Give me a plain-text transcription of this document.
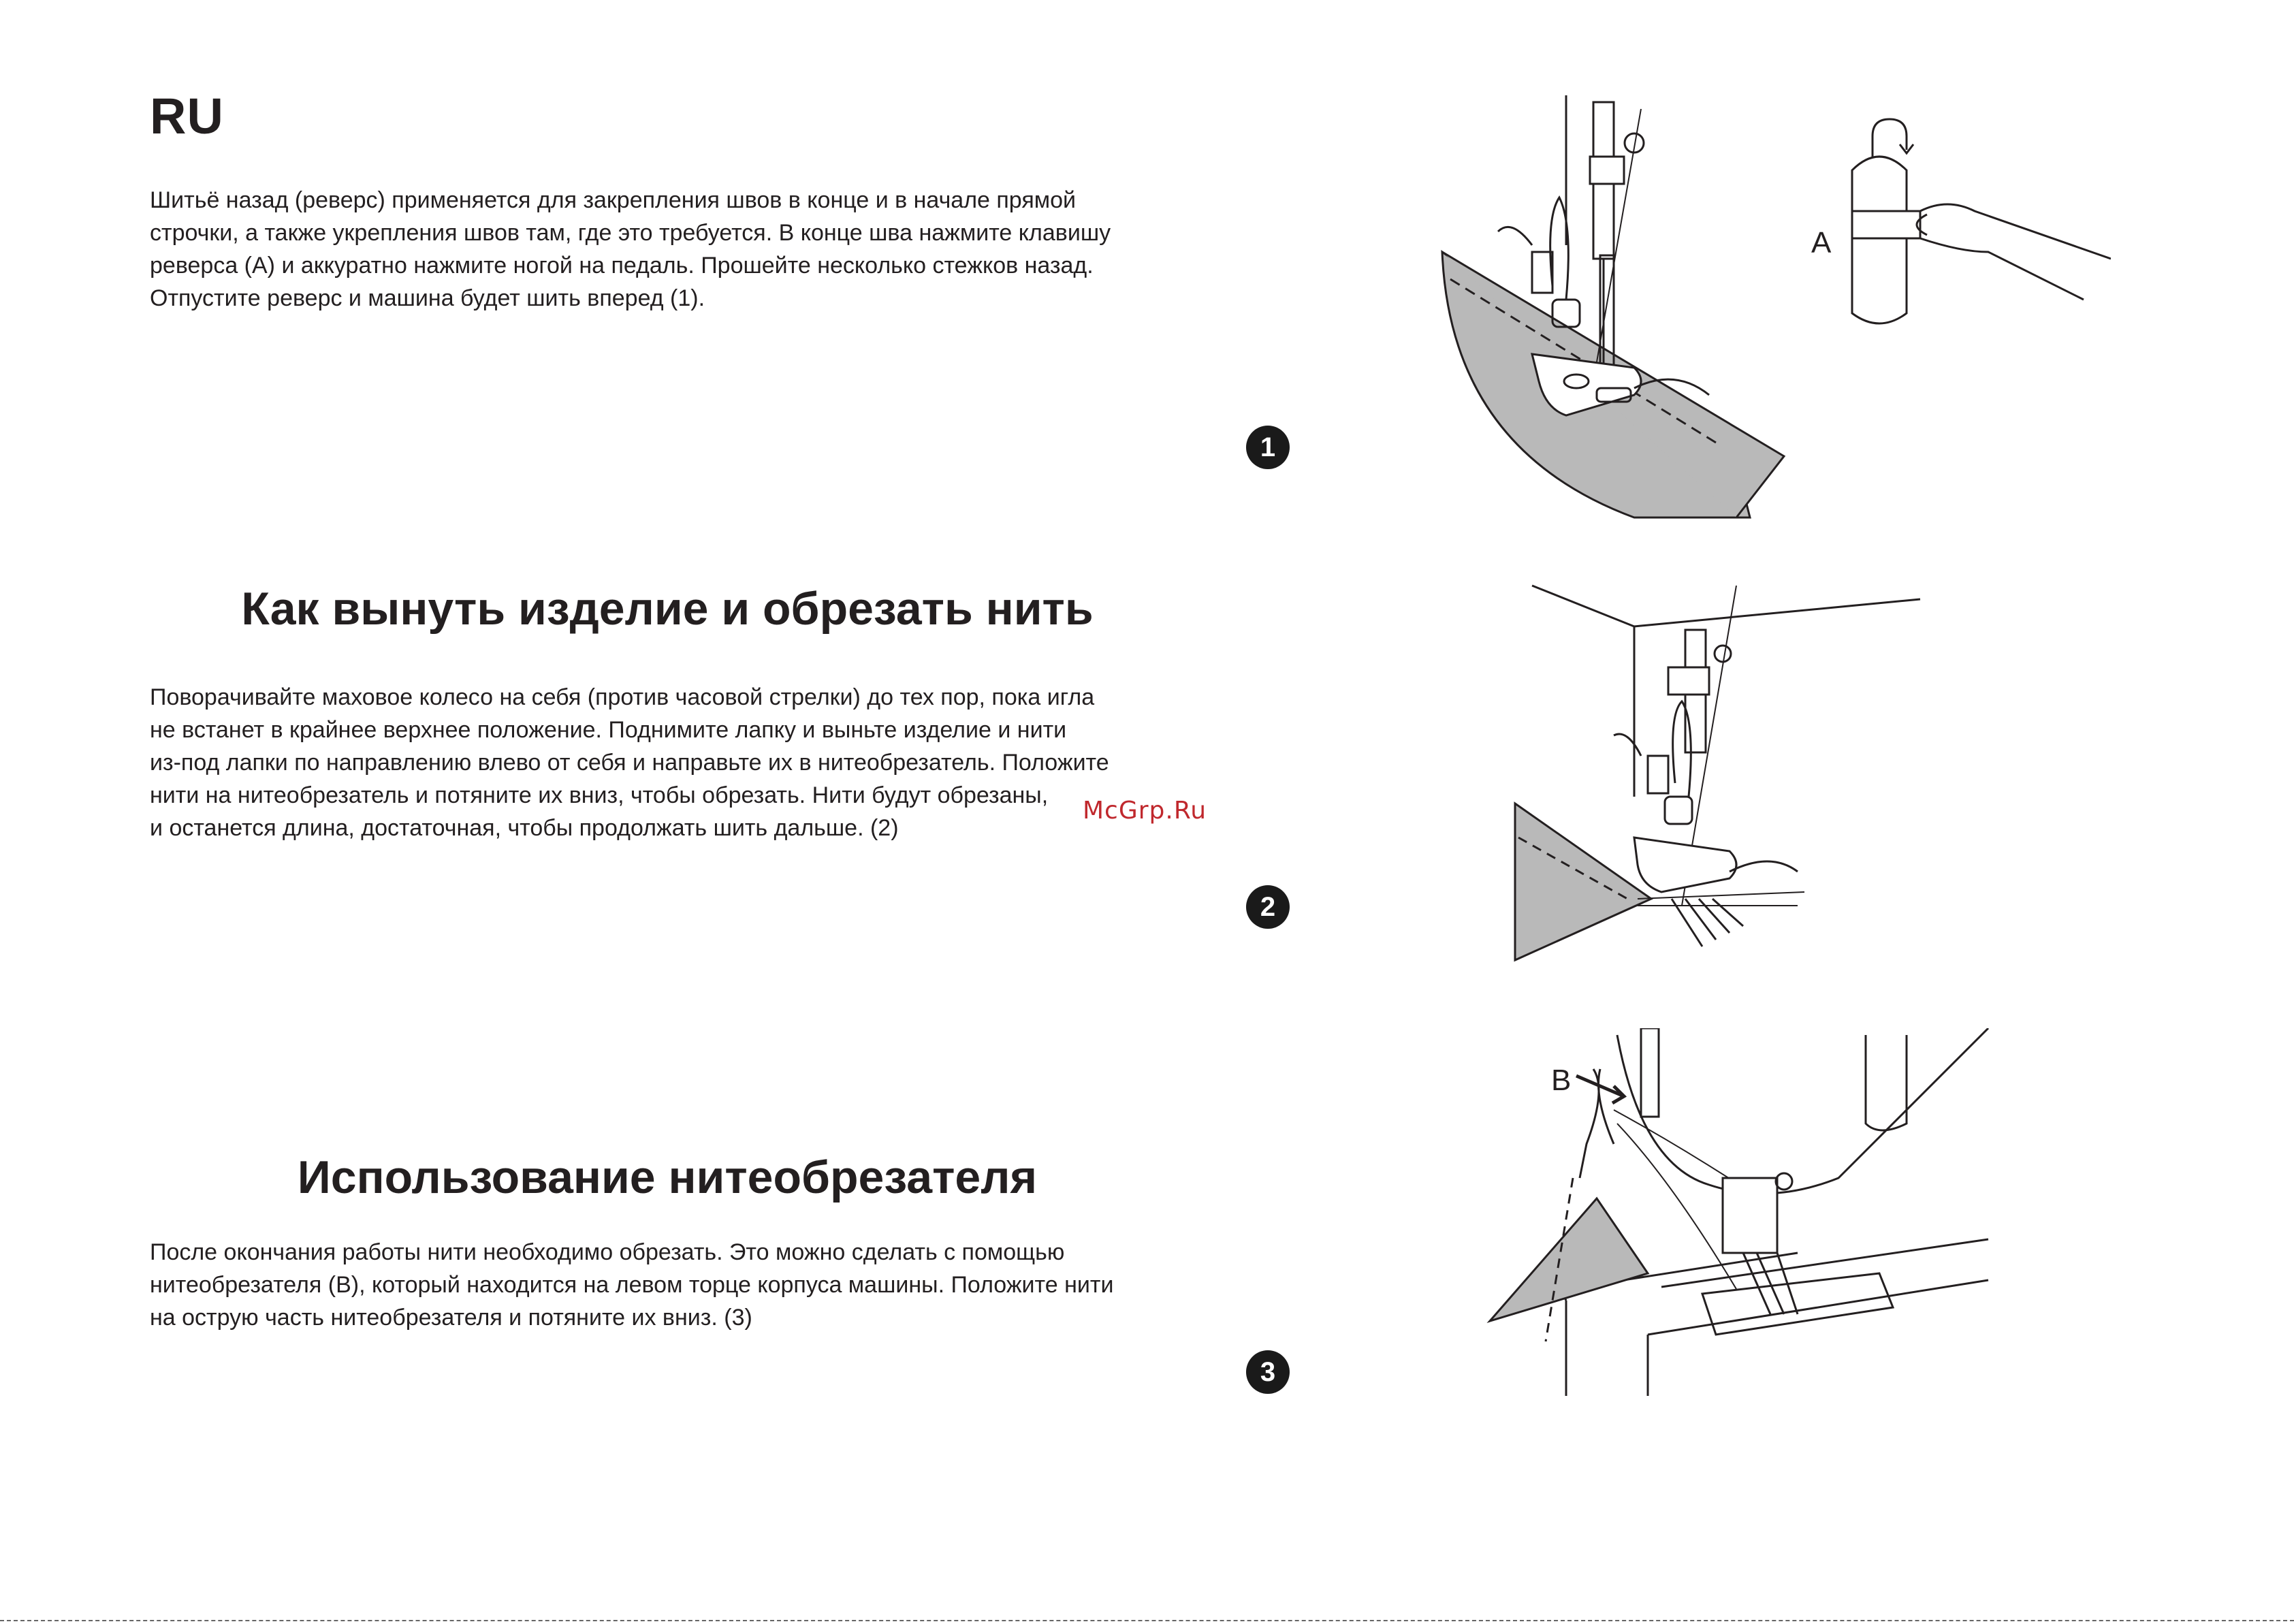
RU

Шитьё назад (реверс) применяется для закрепления швов в конце и в начале прямой
строчки, а также укрепления швов там, где это требуется. В конце шва нажмите клавишу
реверса (А) и аккуратно нажмите ногой на педаль. Прошейте несколько стежков назад.
Отпустите реверс и машина будет шить вперед (1).

Как вынуть изделие и обрезать нить

Поворачивайте маховое колесо на себя (против часовой стрелки) до тех пор, пока игла
не встанет в крайнее верхнее положение. Поднимите лапку и выньте изделие и нити
из-под лапки по направлению влево от себя и направьте их в нитеобрезатель. Положите
нити на нитеобрезатель и потяните их вниз, чтобы обрезать. Нити будут обрезаны,
и останется длина, достаточная, чтобы продолжать шить дальше. (2)

Использование нитеобрезателя

После окончания работы нити необходимо обрезать. Это можно сделать с помощью
нитеобрезателя (В), который находится на левом торце корпуса машины. Положите нити
на острую часть нитеобрезателя и потяните их вниз. (3)

McGrp.Ru
1
2
3
A
B
